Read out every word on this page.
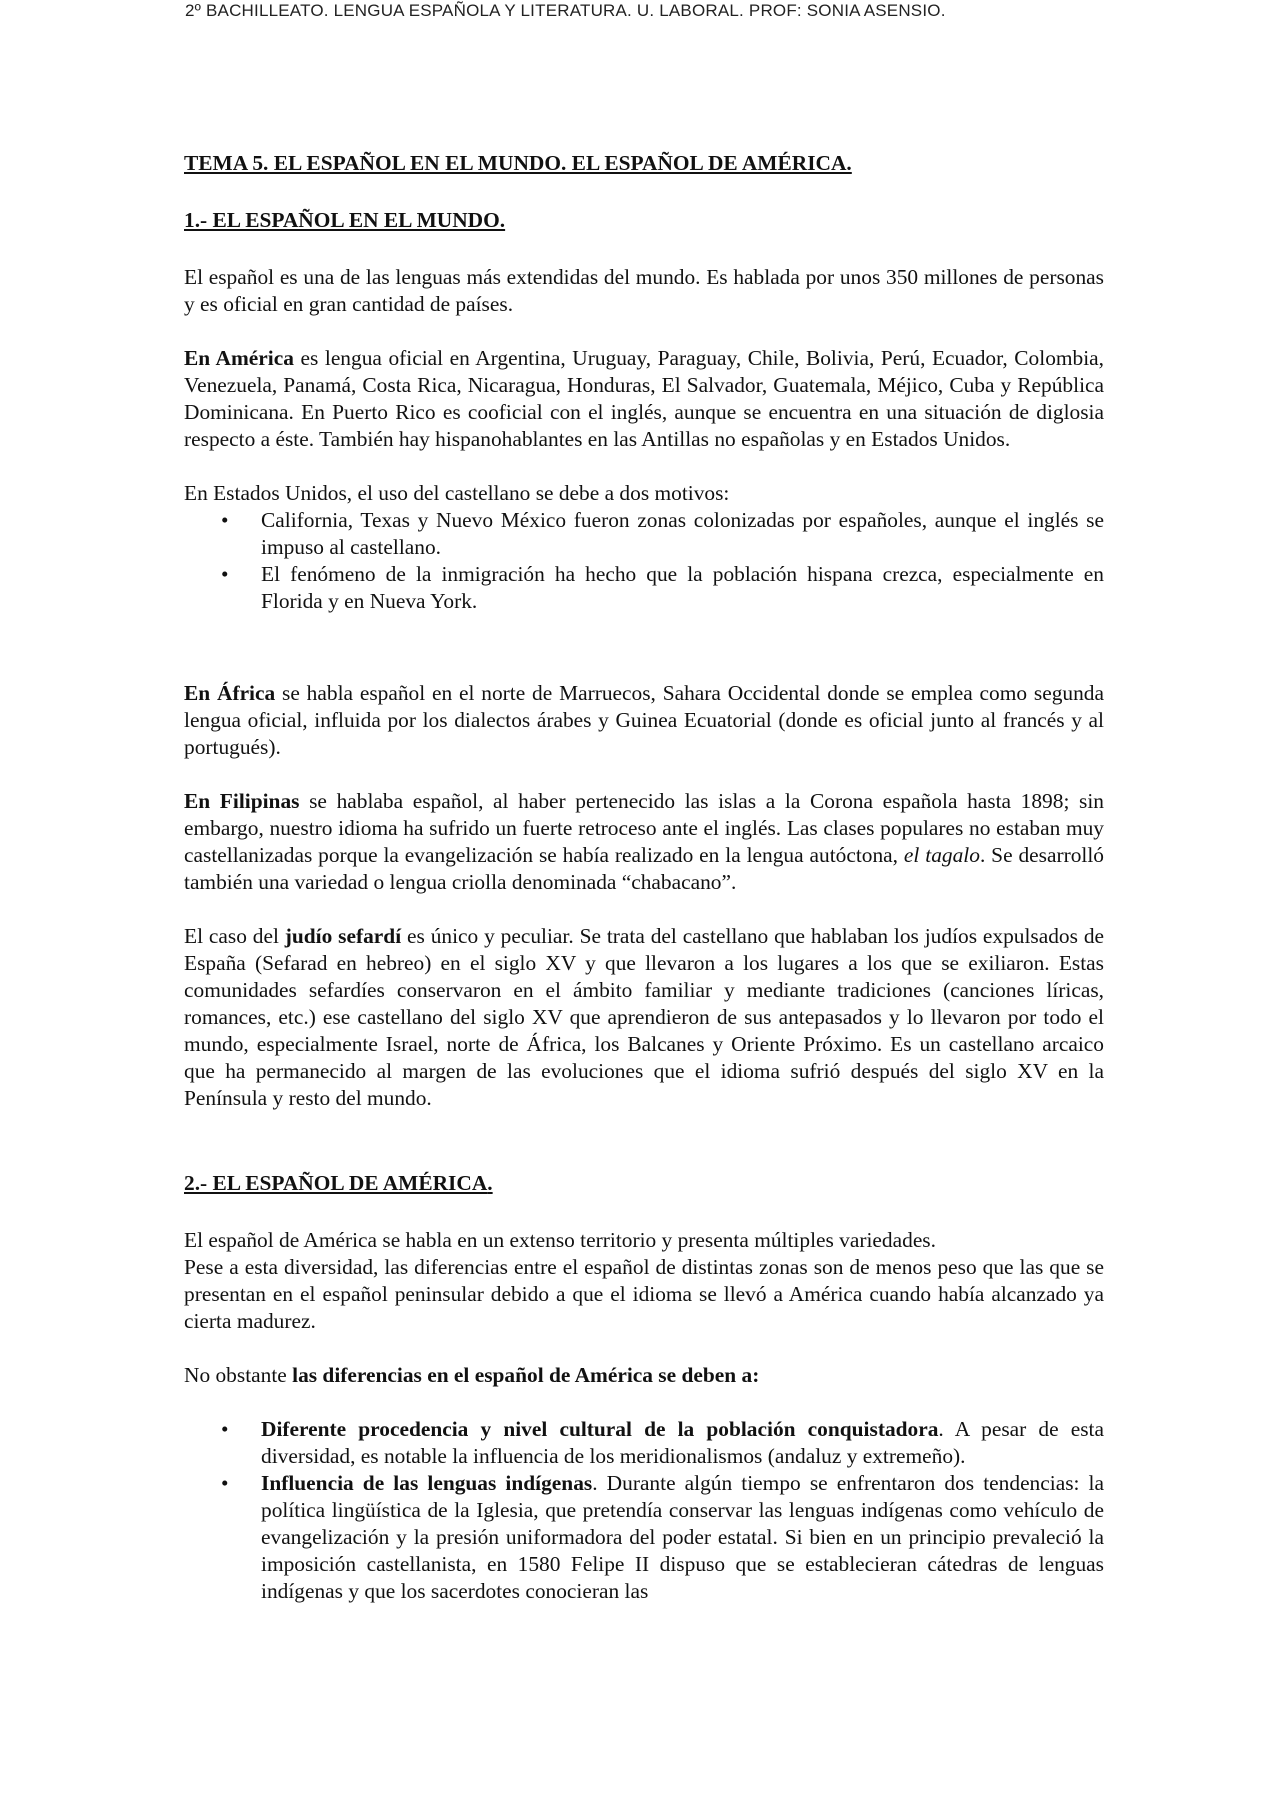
2º BACHILLEATO. LENGUA ESPAÑOLA Y LITERATURA. U. LABORAL. PROF: SONIA ASENSIO.

TEMA 5. EL ESPAÑOL EN EL MUNDO. EL ESPAÑOL DE AMÉRICA.

1.- EL ESPAÑOL EN EL MUNDO.

El español es una de las lenguas más extendidas del mundo. Es hablada por unos 350 millones de personas y es oficial en gran cantidad de países.

En América es lengua oficial en Argentina, Uruguay, Paraguay, Chile, Bolivia, Perú, Ecuador, Colombia, Venezuela, Panamá, Costa Rica, Nicaragua, Honduras, El Salvador, Guatemala, Méjico, Cuba y República Dominicana. En Puerto Rico es cooficial con el inglés, aunque se encuentra en una situación de diglosia respecto a éste. También hay hispanohablantes en las Antillas no españolas y en Estados Unidos.

En Estados Unidos, el uso del castellano se debe a dos motivos:

• California, Texas y Nuevo México fueron zonas colonizadas por españoles, aunque el inglés se impuso al castellano.
• El fenómeno de la inmigración ha hecho que la población hispana crezca, especialmente en Florida y en Nueva York.

En África se habla español en el norte de Marruecos, Sahara Occidental donde se emplea como segunda lengua oficial, influida por los dialectos árabes y Guinea Ecuatorial (donde es oficial junto al francés y al portugués).

En Filipinas se hablaba español, al haber pertenecido las islas a la Corona española hasta 1898; sin embargo, nuestro idioma ha sufrido un fuerte retroceso ante el inglés. Las clases populares no estaban muy castellanizadas porque la evangelización se había realizado en la lengua autóctona, el tagalo. Se desarrolló también una variedad o lengua criolla denominada “chabacano”.

El caso del judío sefardí es único y peculiar. Se trata del castellano que hablaban los judíos expulsados de España (Sefarad en hebreo) en el siglo XV y que llevaron a los lugares a los que se exiliaron. Estas comunidades sefardíes conservaron en el ámbito familiar y mediante tradiciones (canciones líricas, romances, etc.) ese castellano del siglo XV que aprendieron de sus antepasados y lo llevaron por todo el mundo, especialmente Israel, norte de África, los Balcanes y Oriente Próximo. Es un castellano arcaico que ha permanecido al margen de las evoluciones que el idioma sufrió después del siglo XV en la Península y resto del mundo.

2.- EL ESPAÑOL DE AMÉRICA.

El español de América se habla en un extenso territorio y presenta múltiples variedades.

Pese a esta diversidad, las diferencias entre el español de distintas zonas son de menos peso que las que se presentan en el español peninsular debido a que el idioma se llevó a América cuando había alcanzado ya cierta madurez.

No obstante las diferencias en el español de América se deben a:

• Diferente procedencia y nivel cultural de la población conquistadora. A pesar de esta diversidad, es notable la influencia de los meridionalismos (andaluz y extremeño).
• Influencia de las lenguas indígenas. Durante algún tiempo se enfrentaron dos tendencias: la política lingüística de la Iglesia, que pretendía conservar las lenguas indígenas como vehículo de evangelización y la presión uniformadora del poder estatal. Si bien en un principio prevaleció la imposición castellanista, en 1580 Felipe II dispuso que se establecieran cátedras de lenguas indígenas y que los sacerdotes conocieran las
